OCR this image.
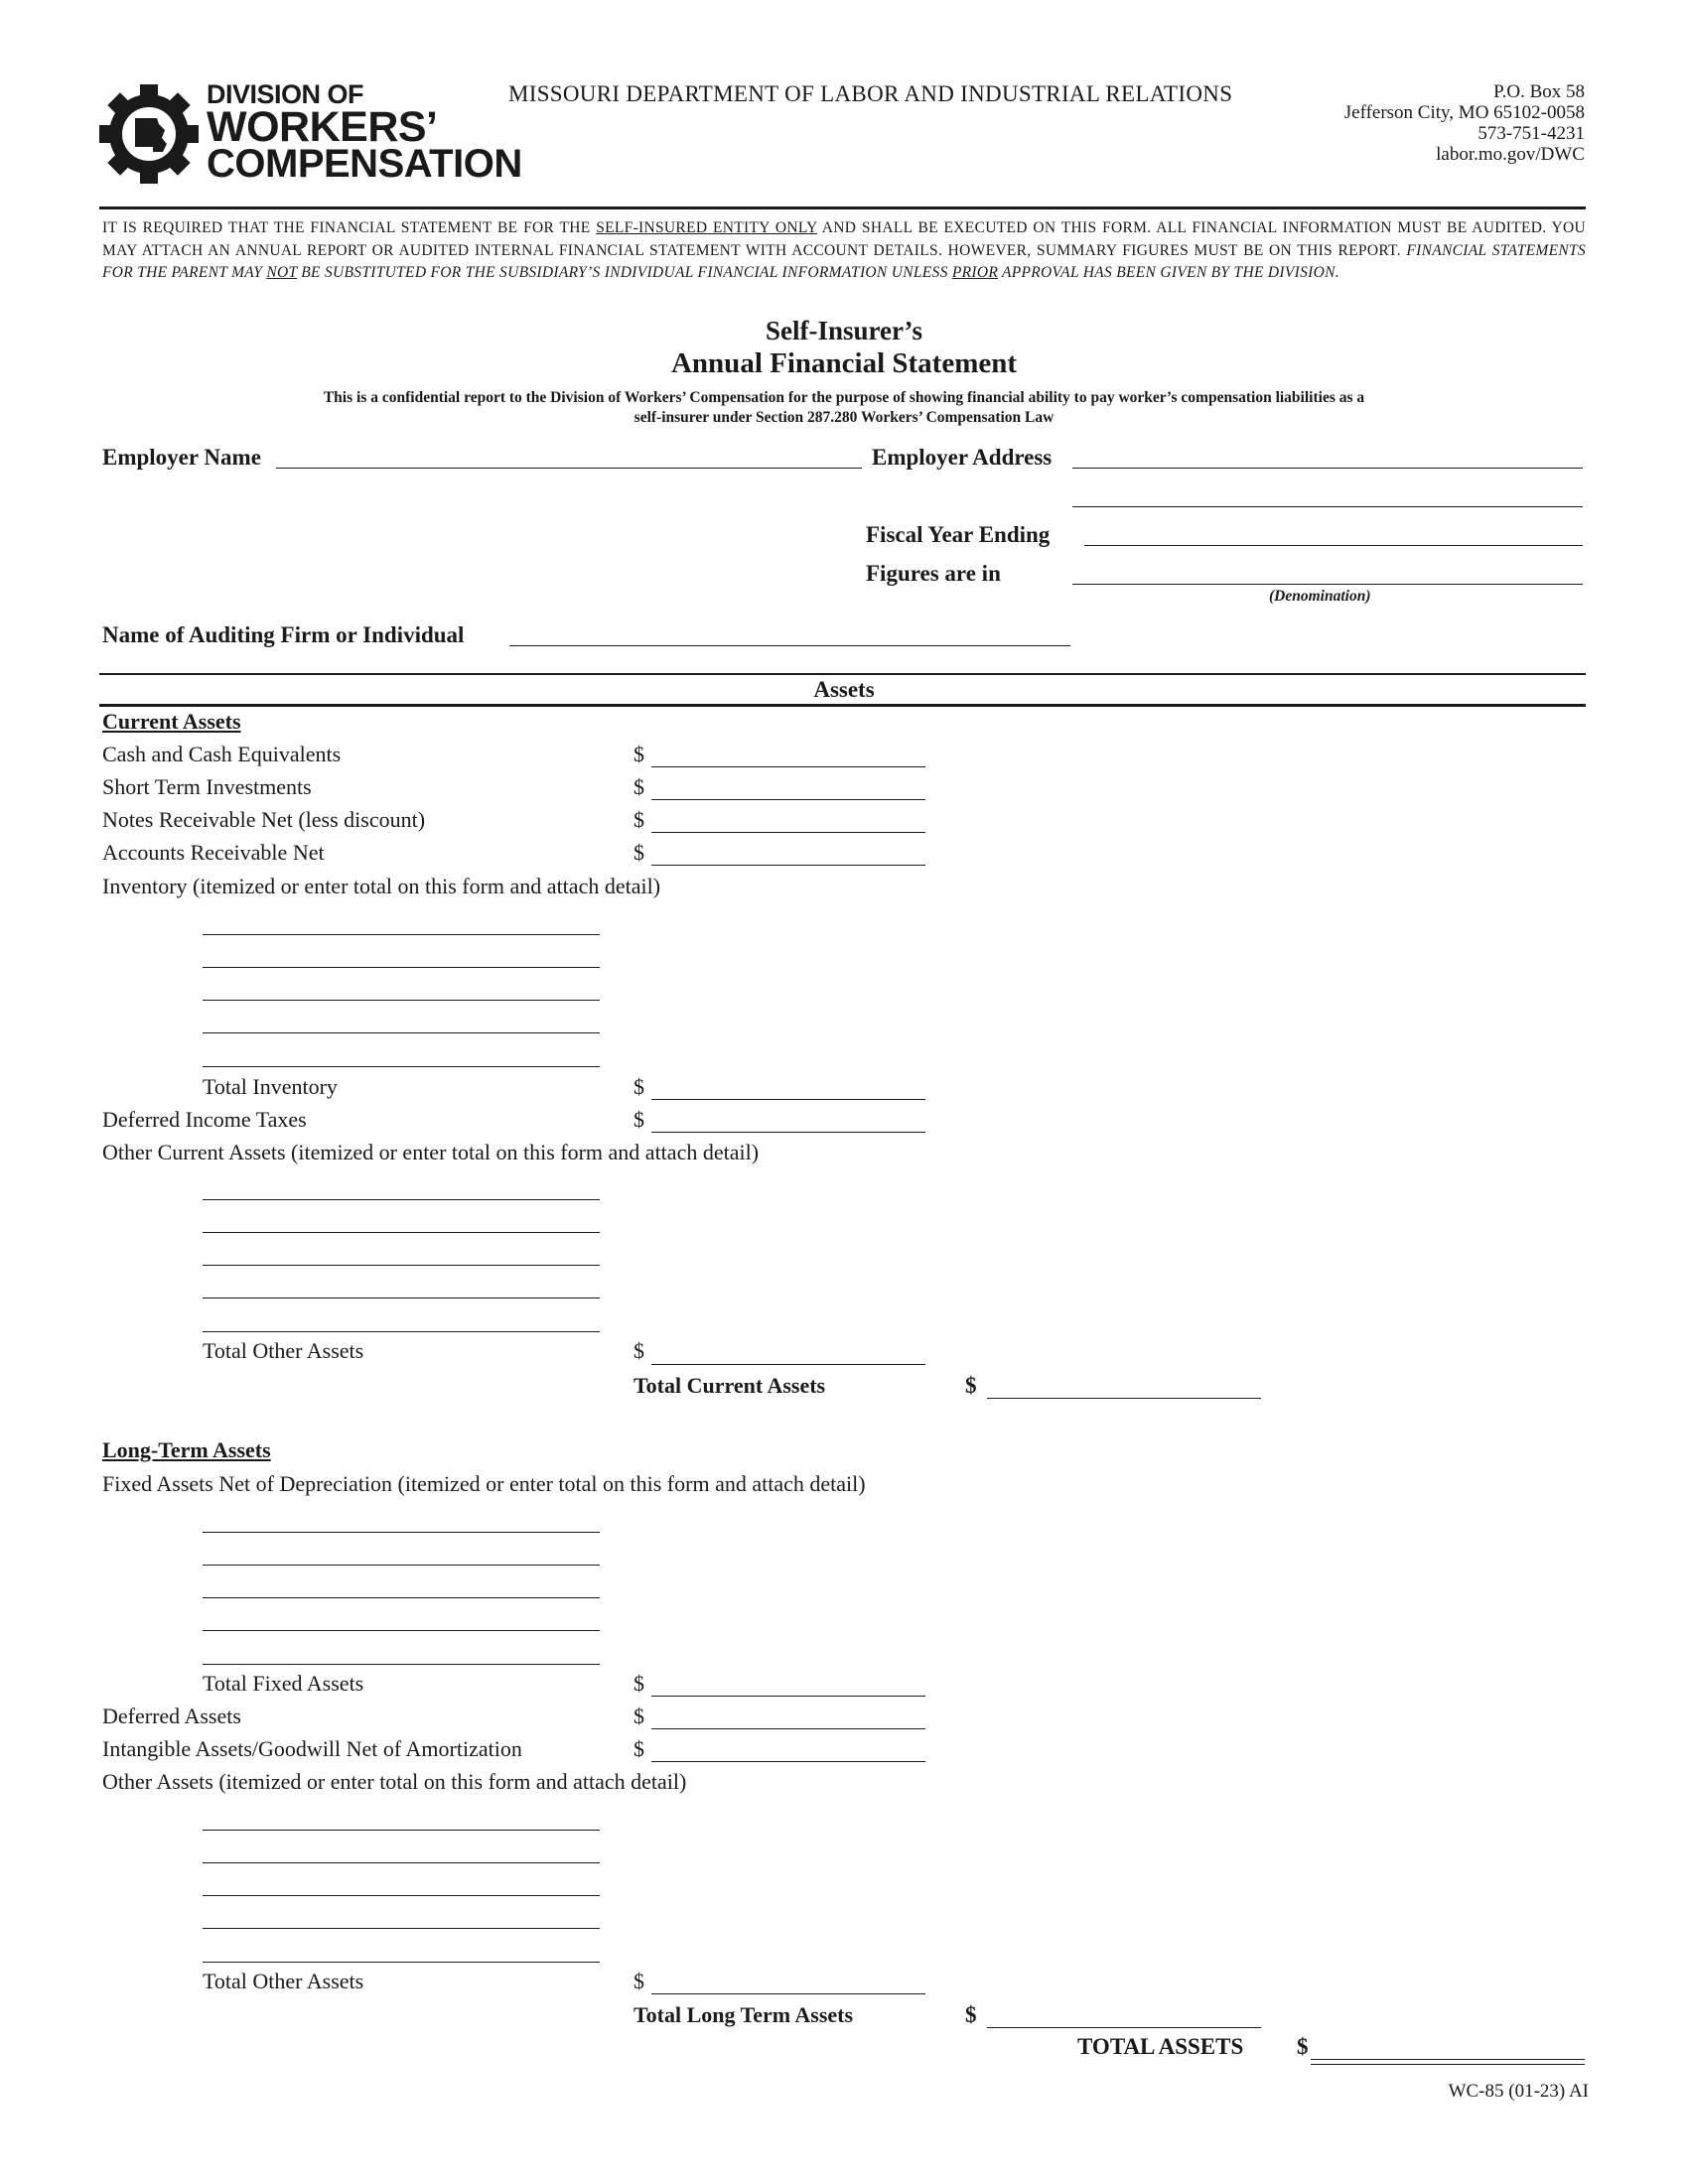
DIVISION OF
WORKERS’
COMPENSATION
MISSOURI DEPARTMENT OF LABOR AND INDUSTRIAL RELATIONS	P.O. Box 58
Jefferson City, MO 65102-0058
573-751-4231
labor.mo.gov/DWC
IT IS REQUIRED THAT THE FINANCIAL STATEMENT BE FOR THE SELF-INSURED ENTITY ONLY AND SHALL BE EXECUTED ON THIS FORM. ALL FINANCIAL INFORMATION MUST BE AUDITED. YOU MAY ATTACH AN ANNUAL REPORT OR AUDITED INTERNAL FINANCIAL STATEMENT WITH ACCOUNT DETAILS. HOWEVER, SUMMARY FIGURES MUST BE ON THIS REPORT. FINANCIAL STATEMENTS FOR THE PARENT MAY NOT BE SUBSTITUTED FOR THE SUBSIDIARY’S INDIVIDUAL FINANCIAL INFORMATION UNLESS PRIOR APPROVAL HAS BEEN GIVEN BY THE DIVISION.
Self-Insurer’s
Annual Financial Statement
This is a confidential report to the Division of Workers’ Compensation for the purpose of showing financial ability to pay worker’s compensation liabilities as a
self-insurer under Section 287.280 Workers’ Compensation Law
Employer Name	Employer Address
Fiscal Year Ending
Figures are in
(Denomination)
Name of Auditing Firm or Individual
Assets
Current Assets
Cash and Cash Equivalents	$
Short Term Investments	$
Notes Receivable Net (less discount)	$
Accounts Receivable Net	$
Inventory (itemized or enter total on this form and attach detail)
Total Inventory	$
Deferred Income Taxes	$
Other Current Assets (itemized or enter total on this form and attach detail)
Total Other Assets	$
Total Current Assets	$
Long-Term Assets
Fixed Assets Net of Depreciation (itemized or enter total on this form and attach detail)
Total Fixed Assets	$
Deferred Assets	$
Intangible Assets/Goodwill Net of Amortization	$
Other Assets (itemized or enter total on this form and attach detail)
Total Other Assets	$
Total Long Term Assets	$
TOTAL ASSETS $
WC-85 (01-23) AI
